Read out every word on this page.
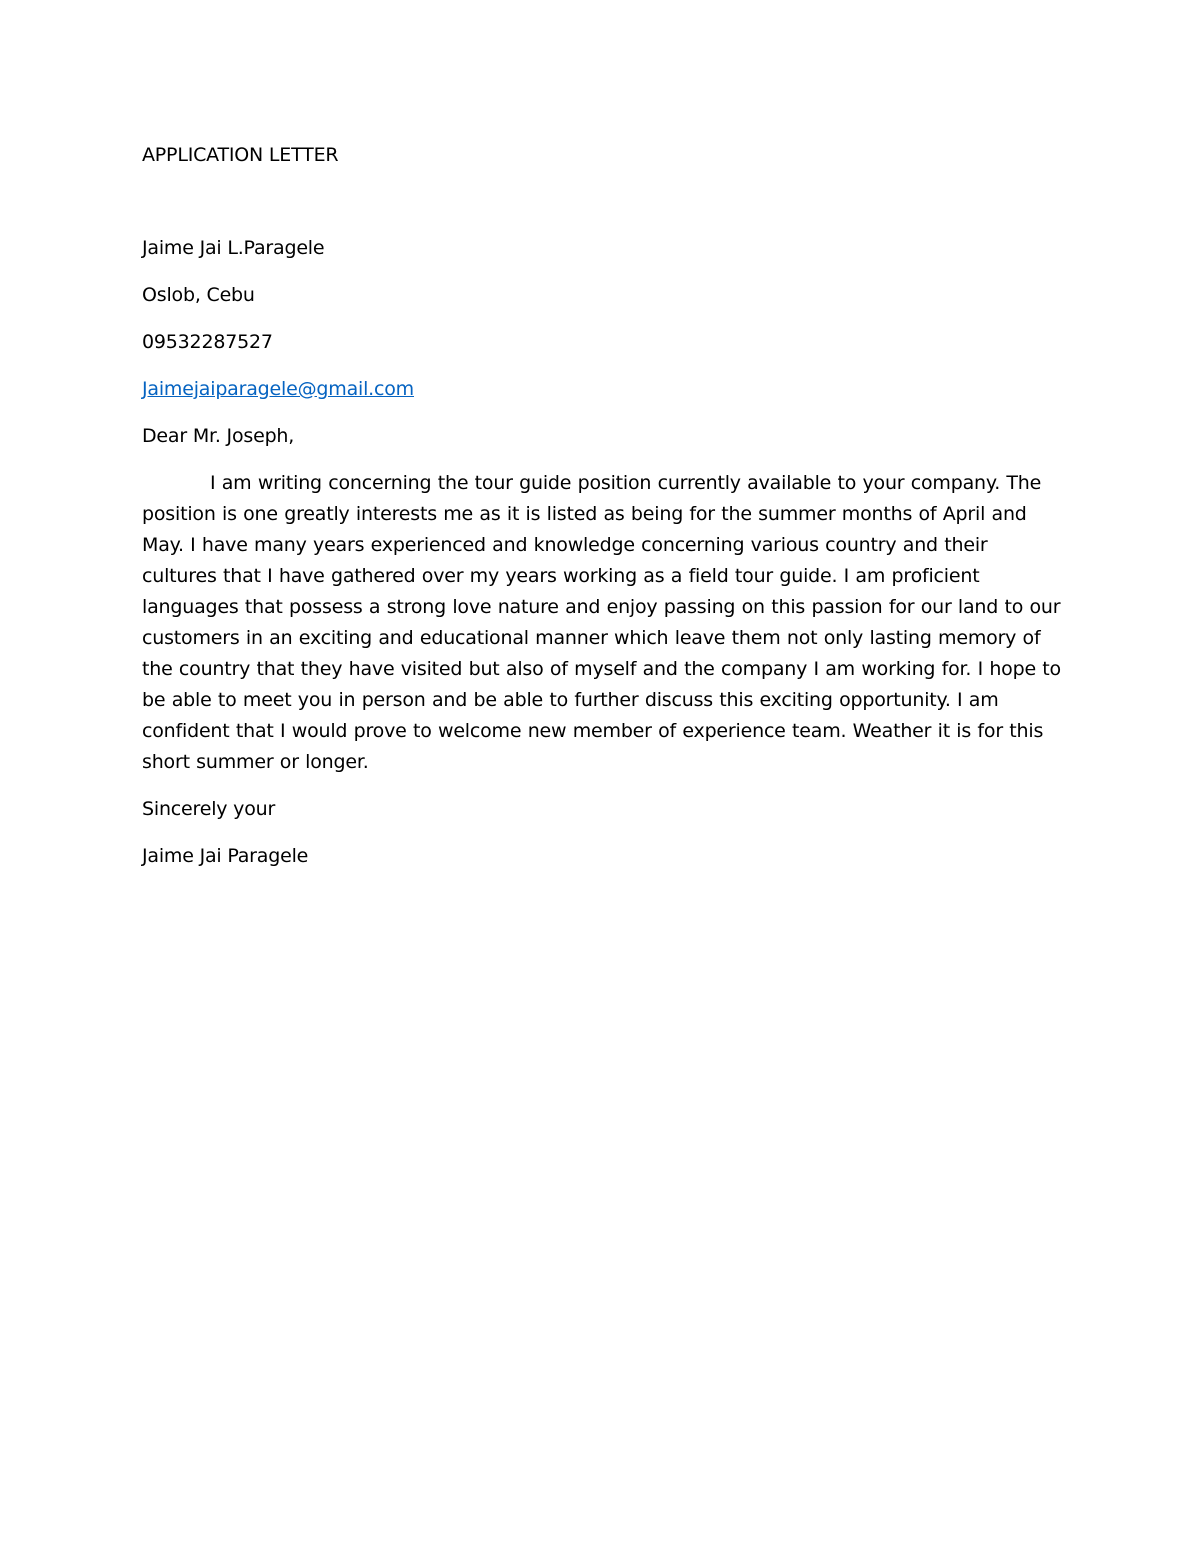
APPLICATION LETTER
Jaime Jai L.Paragele
Oslob, Cebu
09532287527
Jaimejaiparagele@gmail.com
Dear Mr. Joseph,

I am writing concerning the tour guide position currently available to your company. The position is one greatly interests me as it is listed as being for the summer months of April and May. I have many years experienced and knowledge concerning various country and their cultures that I have gathered over my years working as a field tour guide. I am proficient languages that possess a strong love nature and enjoy passing on this passion for our land to our customers in an exciting and educational manner which leave them not only lasting memory of the country that they have visited but also of myself and the company I am working for. I hope to be able to meet you in person and be able to further discuss this exciting opportunity. I am confident that I would prove to welcome new member of experience team. Weather it is for this short summer or longer.

Sincerely your
Jaime Jai Paragele
